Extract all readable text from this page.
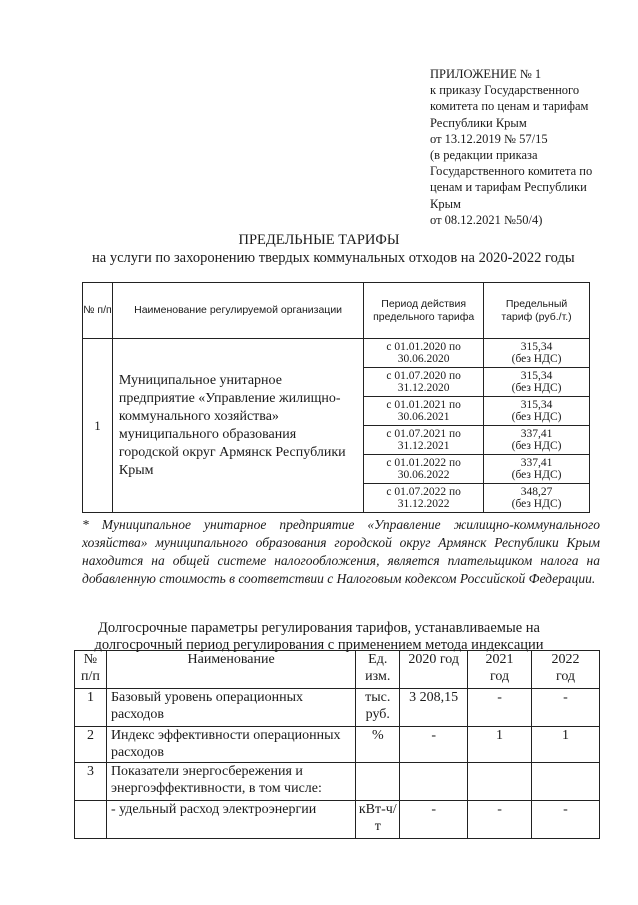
ПРИЛОЖЕНИЕ № 1
к приказу Государственного
комитета по ценам и тарифам
Республики Крым
от 13.12.2019 № 57/15
(в редакции приказа
Государственного комитета по
ценам и тарифам Республики
Крым
от 08.12.2021 №50/4)
ПРЕДЕЛЬНЫЕ ТАРИФЫ
на услуги по захоронению твердых коммунальных отходов на 2020-2022 годы
№ п/п	Наименование регулируемой организации	Период действия предельного тарифа	Предельный тариф (руб./т.)
1	Муниципальное унитарное предприятие «Управление жилищно-коммунального хозяйства» муниципального образования городской округ Армянск Республики Крым	с 01.01.2020 по 30.06.2020	315,34
(без НДС)

		с 01.07.2020 по 31.12.2020	315,34
(без НДС)

		с 01.01.2021 по 30.06.2021	315,34
(без НДС)

		с 01.07.2021 по 31.12.2021	337,41
(без НДС)

		с 01.01.2022 по 30.06.2022	337,41
(без НДС)

		с 01.07.2022 по 31.12.2022	348,27
(без НДС)
* Муниципальное унитарное предприятие «Управление жилищно-коммунального хозяйства» муниципального образования городской округ Армянск Республики Крым находится на общей системе налогообложения, является плательщиком налога на добавленную стоимость в соответствии с Налоговым кодексом Российской Федерации.
Долгосрочные параметры регулирования тарифов, устанавливаемые на
долгосрочный период регулирования с применением метода индексации
№ п/п	Наименование	Ед. изм.	2020 год	2021 год	2022 год
1	Базовый уровень операционных расходов	тыс. руб.	3 208,15	-	-
2	Индекс эффективности операционных расходов	%	-	1	1
3	Показатели энергосбережения и энергоэффективности, в том числе:				
	- удельный расход электроэнергии	кВт-ч/т	-	-	-
